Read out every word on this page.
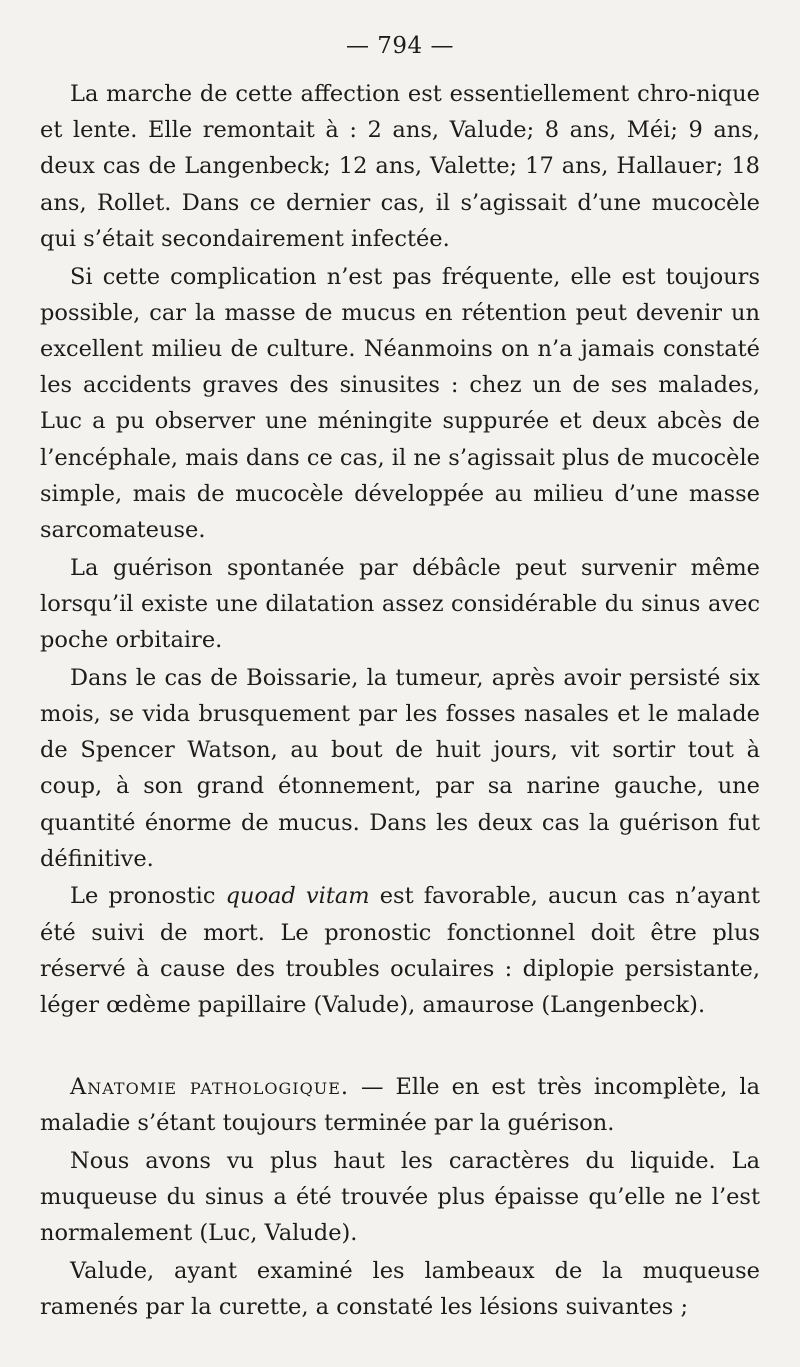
— 794 —

La marche de cette affection est essentiellement chro-nique et lente. Elle remontait à : 2 ans, Valude; 8 ans, Méi; 9 ans, deux cas de Langenbeck; 12 ans, Valette; 17 ans, Hallauer; 18 ans, Rollet. Dans ce dernier cas, il s’agissait d’une mucocèle qui s’était secondairement infectée.

Si cette complication n’est pas fréquente, elle est toujours possible, car la masse de mucus en rétention peut devenir un excellent milieu de culture. Néanmoins on n’a jamais constaté les accidents graves des sinusites : chez un de ses malades, Luc a pu observer une méningite suppurée et deux abcès de l’encéphale, mais dans ce cas, il ne s’agissait plus de mucocèle simple, mais de mucocèle développée au milieu d’une masse sarcomateuse.

La guérison spontanée par débâcle peut survenir même lorsqu’il existe une dilatation assez considérable du sinus avec poche orbitaire.

Dans le cas de Boissarie, la tumeur, après avoir persisté six mois, se vida brusquement par les fosses nasales et le malade de Spencer Watson, au bout de huit jours, vit sortir tout à coup, à son grand étonnement, par sa narine gauche, une quantité énorme de mucus. Dans les deux cas la guérison fut définitive.

Le pronostic quoad vitam est favorable, aucun cas n’ayant été suivi de mort. Le pronostic fonctionnel doit être plus réservé à cause des troubles oculaires : diplopie persistante, léger œdème papillaire (Valude), amaurose (Langenbeck).

Anatomie pathologique. — Elle en est très incomplète, la maladie s’étant toujours terminée par la guérison.

Nous avons vu plus haut les caractères du liquide. La muqueuse du sinus a été trouvée plus épaisse qu’elle ne l’est normalement (Luc, Valude).

Valude, ayant examiné les lambeaux de la muqueuse ramenés par la curette, a constaté les lésions suivantes ;
